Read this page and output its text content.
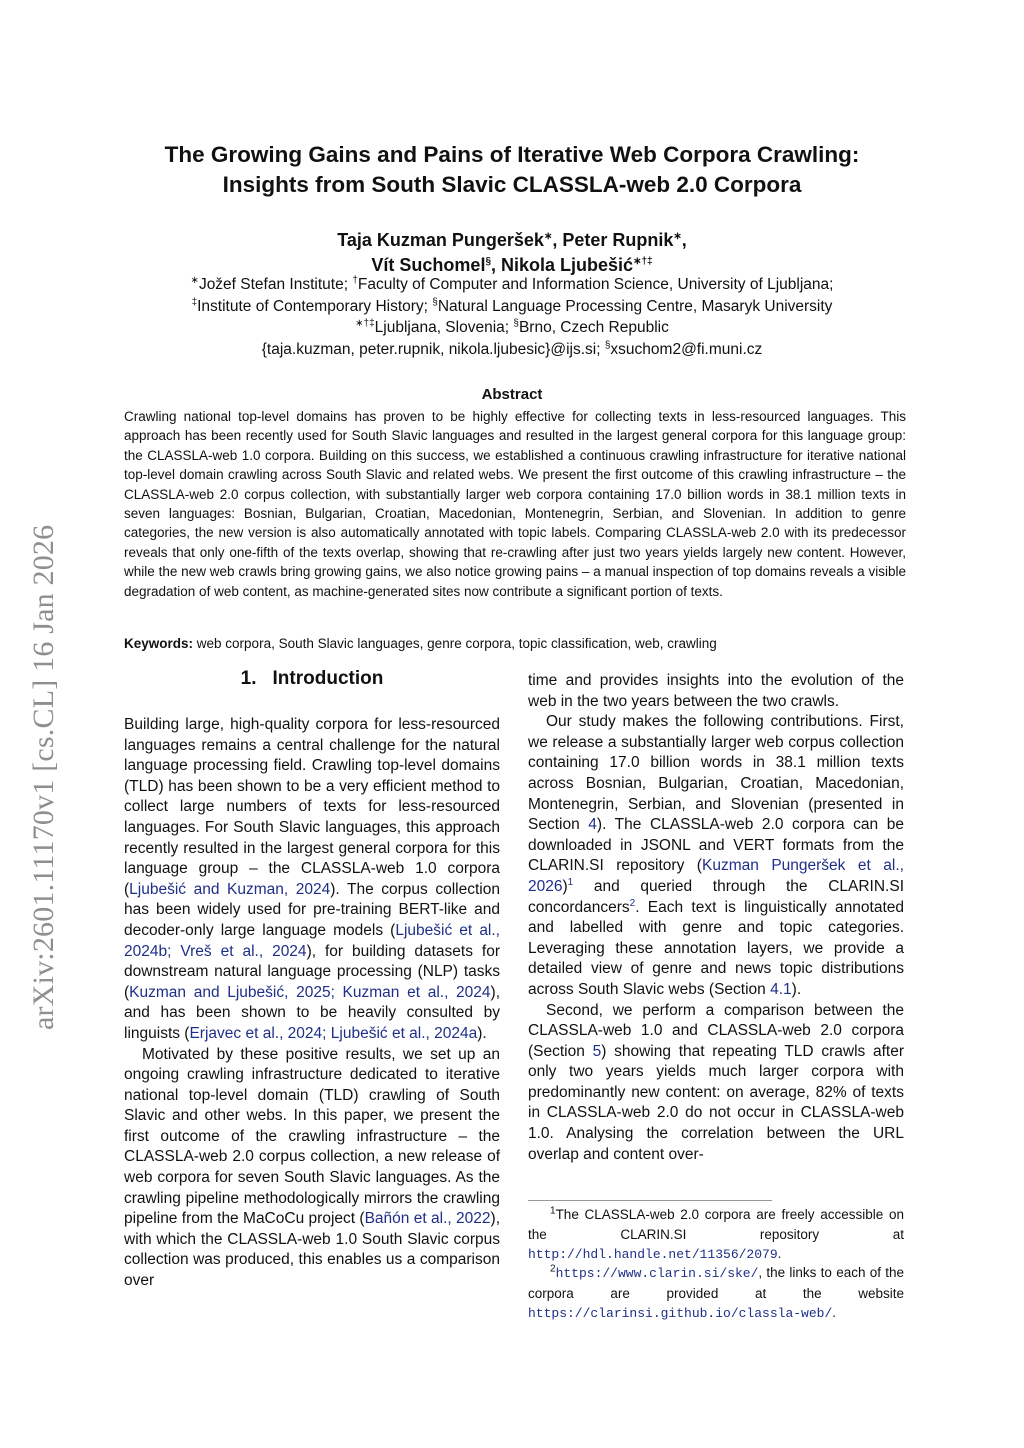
arXiv:2601.11170v1 [cs.CL] 16 Jan 2026
The Growing Gains and Pains of Iterative Web Corpora Crawling:
Insights from South Slavic CLASSLA-web 2.0 Corpora
Taja Kuzman Pungeršek∗, Peter Rupnik∗,
Vít Suchomel§, Nikola Ljubešić∗†‡
∗Jožef Stefan Institute; †Faculty of Computer and Information Science, University of Ljubljana;
‡Institute of Contemporary History; §Natural Language Processing Centre, Masaryk University
∗†‡Ljubljana, Slovenia; §Brno, Czech Republic
{taja.kuzman, peter.rupnik, nikola.ljubesic}@ijs.si; §xsuchom2@fi.muni.cz
Abstract
Crawling national top-level domains has proven to be highly effective for collecting texts in less-resourced languages. This approach has been recently used for South Slavic languages and resulted in the largest general corpora for this language group: the CLASSLA-web 1.0 corpora. Building on this success, we established a continuous crawling infrastructure for iterative national top-level domain crawling across South Slavic and related webs. We present the first outcome of this crawling infrastructure – the CLASSLA-web 2.0 corpus collection, with substantially larger web corpora containing 17.0 billion words in 38.1 million texts in seven languages: Bosnian, Bulgarian, Croatian, Macedonian, Montenegrin, Serbian, and Slovenian. In addition to genre categories, the new version is also automatically annotated with topic labels. Comparing CLASSLA-web 2.0 with its predecessor reveals that only one-fifth of the texts overlap, showing that re-crawling after just two years yields largely new content. However, while the new web crawls bring growing gains, we also notice growing pains – a manual inspection of top domains reveals a visible degradation of web content, as machine-generated sites now contribute a significant portion of texts.
Keywords: web corpora, South Slavic languages, genre corpora, topic classification, web, crawling
1. Introduction

Building large, high-quality corpora for less-resourced languages remains a central challenge for the natural language processing field. Crawling top-level domains (TLD) has been shown to be a very efficient method to collect large numbers of texts for less-resourced languages. For South Slavic languages, this approach recently resulted in the largest general corpora for this language group – the CLASSLA-web 1.0 corpora (Ljubešić and Kuzman, 2024). The corpus collection has been widely used for pre-training BERT-like and decoder-only large language models (Ljubešić et al., 2024b; Vreš et al., 2024), for building datasets for downstream natural language processing (NLP) tasks (Kuzman and Ljubešić, 2025; Kuzman et al., 2024), and has been shown to be heavily consulted by linguists (Erjavec et al., 2024; Ljubešić et al., 2024a).

Motivated by these positive results, we set up an ongoing crawling infrastructure dedicated to iterative national top-level domain (TLD) crawling of South Slavic and other webs. In this paper, we present the first outcome of the crawling infrastructure – the CLASSLA-web 2.0 corpus collection, a new release of web corpora for seven South Slavic languages. As the crawling pipeline methodologically mirrors the crawling pipeline from the MaCoCu project (Bañón et al., 2022), with which the CLASSLA-web 1.0 South Slavic corpus collection was produced, this enables us a comparison over

time and provides insights into the evolution of the web in the two years between the two crawls.

Our study makes the following contributions. First, we release a substantially larger web corpus collection containing 17.0 billion words in 38.1 million texts across Bosnian, Bulgarian, Croatian, Macedonian, Montenegrin, Serbian, and Slovenian (presented in Section 4). The CLASSLA-web 2.0 corpora can be downloaded in JSONL and VERT formats from the CLARIN.SI repository (Kuzman Pungeršek et al., 2026)$^1$ and queried through the CLARIN.SI concordancers$^2$. Each text is linguistically annotated and labelled with genre and topic categories. Leveraging these annotation layers, we provide a detailed view of genre and news topic distributions across South Slavic webs (Section 4.1).

Second, we perform a comparison between the CLASSLA-web 1.0 and CLASSLA-web 2.0 corpora (Section 5) showing that repeating TLD crawls after only two years yields much larger corpora with predominantly new content: on average, 82% of texts in CLASSLA-web 2.0 do not occur in CLASSLA-web 1.0. Analysing the correlation between the URL overlap and content over-

$^1$The CLASSLA-web 2.0 corpora are freely accessible on the CLARIN.SI repository at http://hdl.handle.net/11356/2079.
$^2$https://www.clarin.si/ske/, the links to each of the corpora are provided at the website https://clarinsi.github.io/classla-web/.
